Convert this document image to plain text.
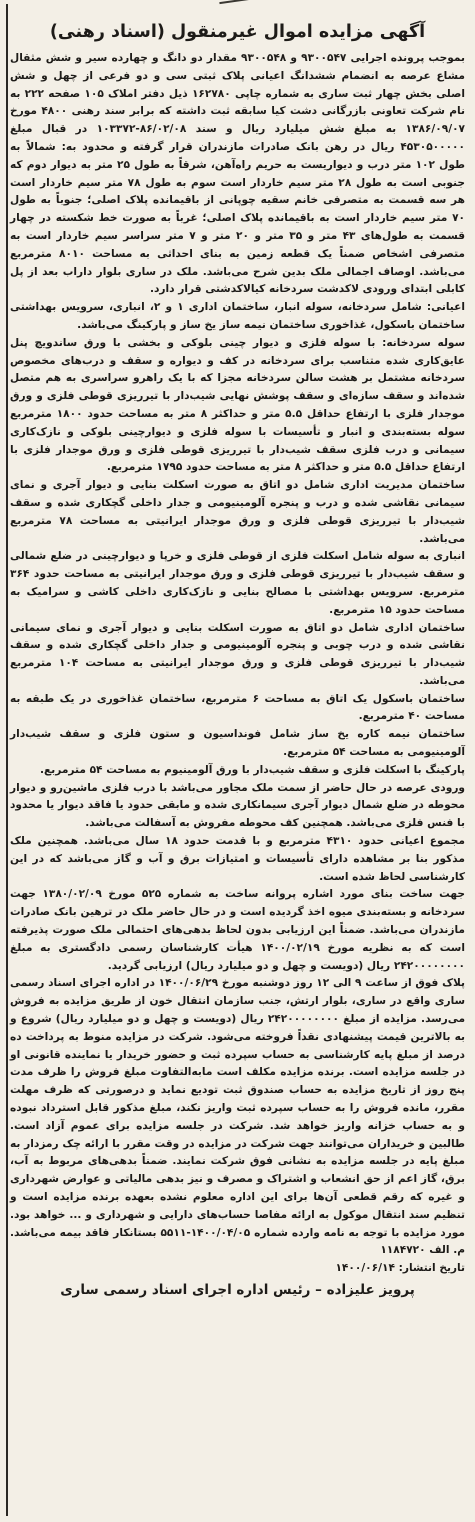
آگهی مزایده اموال غیرمنقول (اسناد رهنی)

بموجب پرونده اجرایی ۹۳۰۰۵۴۷ و ۹۳۰۰۵۴۸ مقدار دو دانگ و چهارده سیر و شش مثقال مشاع عرصه به انضمام ششدانگ اعیانی پلاک ثبتی سی و دو فرعی از چهل و شش اصلی بخش چهار ثبت ساری به شماره چاپی ۱۶۲۷۸۰ ذیل دفتر املاک ۱۰۵ صفحه ۲۲۲ به نام شرکت تعاونی بازرگانی دشت کیا سابقه ثبت داشته که برابر سند رهنی ۴۸۰۰ مورخ ۱۳۸۶/۰۹/۰۷ به مبلغ شش میلیارد ریال و سند ۸۶/۰۲/۰۸-۱۰۳۳۷۲ در قبال مبلغ ۴۵۳۰۵۰۰۰۰۰ ریال در رهن بانک صادرات مازندران قرار گرفته و محدود به: شمالاً به طول ۱۰۲ متر درب و دیواریست به حریم راه‌آهن، شرقاً به طول ۲۵ متر به دیوار دوم که جنوبی است به طول ۲۸ متر سیم خاردار است سوم به طول ۷۸ متر سیم خاردار است هر سه قسمت به متصرفی خانم سقیه چوپانی از باقیمانده پلاک اصلی؛ جنوباً به طول ۷۰ متر سیم خاردار است به باقیمانده پلاک اصلی؛ غرباً به صورت خط شکسته در چهار قسمت به طول‌های ۴۳ متر و ۳۵ متر و ۲۰ متر و ۷ متر سراسر سیم خاردار است به متصرفی اشخاص ضمناً یک قطعه زمین به بنای احداثی به مساحت ۸۰۱۰ مترمربع می‌باشد. اوصاف اجمالی ملک بدین شرح می‌باشد. ملک در ساری بلوار داراب بعد از پل کابلی ابتدای ورودی لاکدشت سردخانه کیالاکدشتی قرار دارد.

اعیانی: شامل سردخانه، سوله انبار، ساختمان اداری ۱ و ۲، انباری، سرویس بهداشتی ساختمان باسکول، غذاخوری ساختمان نیمه ساز یخ ساز و پارکینگ می‌باشد.

سوله سردخانه: با سوله فلزی و دیوار چینی بلوکی و بخشی با ورق ساندویچ پنل عایق‌کاری شده متناسب برای سردخانه در کف و دیواره و سقف و درب‌های مخصوص سردخانه مشتمل بر هشت سالن سردخانه مجزا که با یک راهرو سراسری به هم متصل شده‌اند و سقف سازه‌ای و سقف پوشش نهایی شیب‌دار با تیرریزی قوطی فلزی و ورق موجدار فلزی با ارتفاع حداقل ۵.۵ متر و حداکثر ۸ متر به مساحت حدود ۱۸۰۰ مترمربع سوله بسته‌بندی و انبار و تأسیسات با سوله فلزی و دیوارچینی بلوکی و نازک‌کاری سیمانی و درب فلزی سقف شیب‌دار با تیرریزی قوطی فلزی و ورق موجدار فلزی با ارتفاع حداقل ۵.۵ متر و حداکثر ۸ متر به مساحت حدود ۱۷۹۵ مترمربع.

ساختمان مدیریت اداری شامل دو اتاق به صورت اسکلت بنایی و دیوار آجری و نمای سیمانی نقاشی شده و درب و پنجره آلومینیومی و جدار داخلی گچکاری شده و سقف شیب‌دار با تیرریزی قوطی فلزی و ورق موجدار ایرانیتی به مساحت ۷۸ مترمربع می‌باشد.

انباری به سوله شامل اسکلت فلزی از قوطی فلزی و خرپا و دیوارچینی در ضلع شمالی و سقف شیب‌دار با تیرریزی قوطی فلزی و ورق موجدار ایرانیتی به مساحت حدود ۳۶۴ مترمربع. سرویس بهداشتی با مصالح بنایی و نازک‌کاری داخلی کاشی و سرامیک به مساحت حدود ۱۵ مترمربع.

ساختمان اداری شامل دو اتاق به صورت اسکلت بنایی و دیوار آجری و نمای سیمانی نقاشی شده و درب چوبی و پنجره آلومینیومی و جدار داخلی گچکاری شده و سقف شیب‌دار با تیرریزی قوطی فلزی و ورق موجدار ایرانیتی به مساحت ۱۰۴ مترمربع می‌باشد.

ساختمان باسکول یک اتاق به مساحت ۶ مترمربع، ساختمان غذاخوری در یک طبقه به مساحت ۴۰ مترمربع.

ساختمان نیمه کاره یخ ساز شامل فونداسیون و ستون فلزی و سقف شیب‌دار آلومینیومی به مساحت ۵۴ مترمربع.

پارکینگ با اسکلت فلزی و سقف شیب‌دار با ورق آلومینیوم به مساحت ۵۴ مترمربع.

ورودی عرصه در حال حاضر از سمت ملک مجاور می‌باشد با درب فلزی ماشین‌رو و دیوار محوطه در ضلع شمال دیوار آجری سیمانکاری شده و مابقی حدود یا فاقد دیوار یا محدود با فنس فلزی می‌باشد. همچنین کف محوطه مفروش به آسفالت می‌باشد.

مجموع اعیانی حدود ۴۳۱۰ مترمربع و با قدمت حدود ۱۸ سال می‌باشد. همچنین ملک مذکور بنا بر مشاهده دارای تأسیسات و امتیازات برق و آب و گاز می‌باشد که در این کارشناسی لحاظ شده است.

جهت ساخت بنای مورد اشاره پروانه ساخت به شماره ۵۲۵ مورخ ۱۳۸۰/۰۲/۰۹ جهت سردخانه و بسته‌بندی میوه اخذ گردیده است و در حال حاضر ملک در ترهین بانک صادرات مازندران می‌باشد. ضمناً این ارزیابی بدون لحاظ بدهی‌های احتمالی ملک صورت پذیرفته است که به نظریه مورخ ۱۴۰۰/۰۲/۱۹ هیأت کارشناسان رسمی دادگستری به مبلغ ۲۴۲۰۰۰۰۰۰۰۰ ریال (دویست و چهل و دو میلیارد ریال) ارزیابی گردید.

پلاک فوق از ساعت ۹ الی ۱۲ روز دوشنبه مورخ ۱۴۰۰/۰۶/۲۹ در اداره اجرای اسناد رسمی ساری واقع در ساری، بلوار ارتش، جنب سازمان انتقال خون از طریق مزایده به فروش می‌رسد. مزایده از مبلغ ۲۴۲۰۰۰۰۰۰۰۰ ریال (دویست و چهل و دو میلیارد ریال) شروع و به بالاترین قیمت پیشنهادی نقداً فروخته می‌شود. شرکت در مزایده منوط به پرداخت ده درصد از مبلغ پایه کارشناسی به حساب سپرده ثبت و حضور خریدار یا نماینده قانونی او در جلسه مزایده است. برنده مزایده مکلف است مابه‌التفاوت مبلغ فروش را ظرف مدت پنج روز از تاریخ مزایده به حساب صندوق ثبت تودیع نماید و درصورتی که ظرف مهلت مقرر، مانده فروش را به حساب سپرده ثبت واریز نکند، مبلغ مذکور قابل استرداد نبوده و به حساب خزانه واریز خواهد شد. شرکت در جلسه مزایده برای عموم آزاد است. طالبین و خریداران می‌توانند جهت شرکت در مزایده در وقت مقرر با ارائه چک رمزدار به مبلغ پایه در جلسه مزایده به نشانی فوق شرکت نمایند. ضمناً بدهی‌های مربوط به آب، برق، گاز اعم از حق انشعاب و اشتراک و مصرف و نیز بدهی مالیاتی و عوارض شهرداری و غیره که رقم قطعی آن‌ها برای این اداره معلوم نشده بعهده برنده مزایده است و تنظیم سند انتقال موکول به ارائه مفاصا حساب‌های دارایی و شهرداری و ... خواهد بود. مورد مزایده با توجه به نامه وارده شماره ۱۴۰۰/۰۴/۰۵-۵۵۱۱ بستانکار فاقد بیمه می‌باشد. م. الف ۱۱۸۴۷۲۰

تاریخ انتشار: ۱۴۰۰/۰۶/۱۴
پرویز علیزاده – رئیس اداره اجرای اسناد رسمی ساری
